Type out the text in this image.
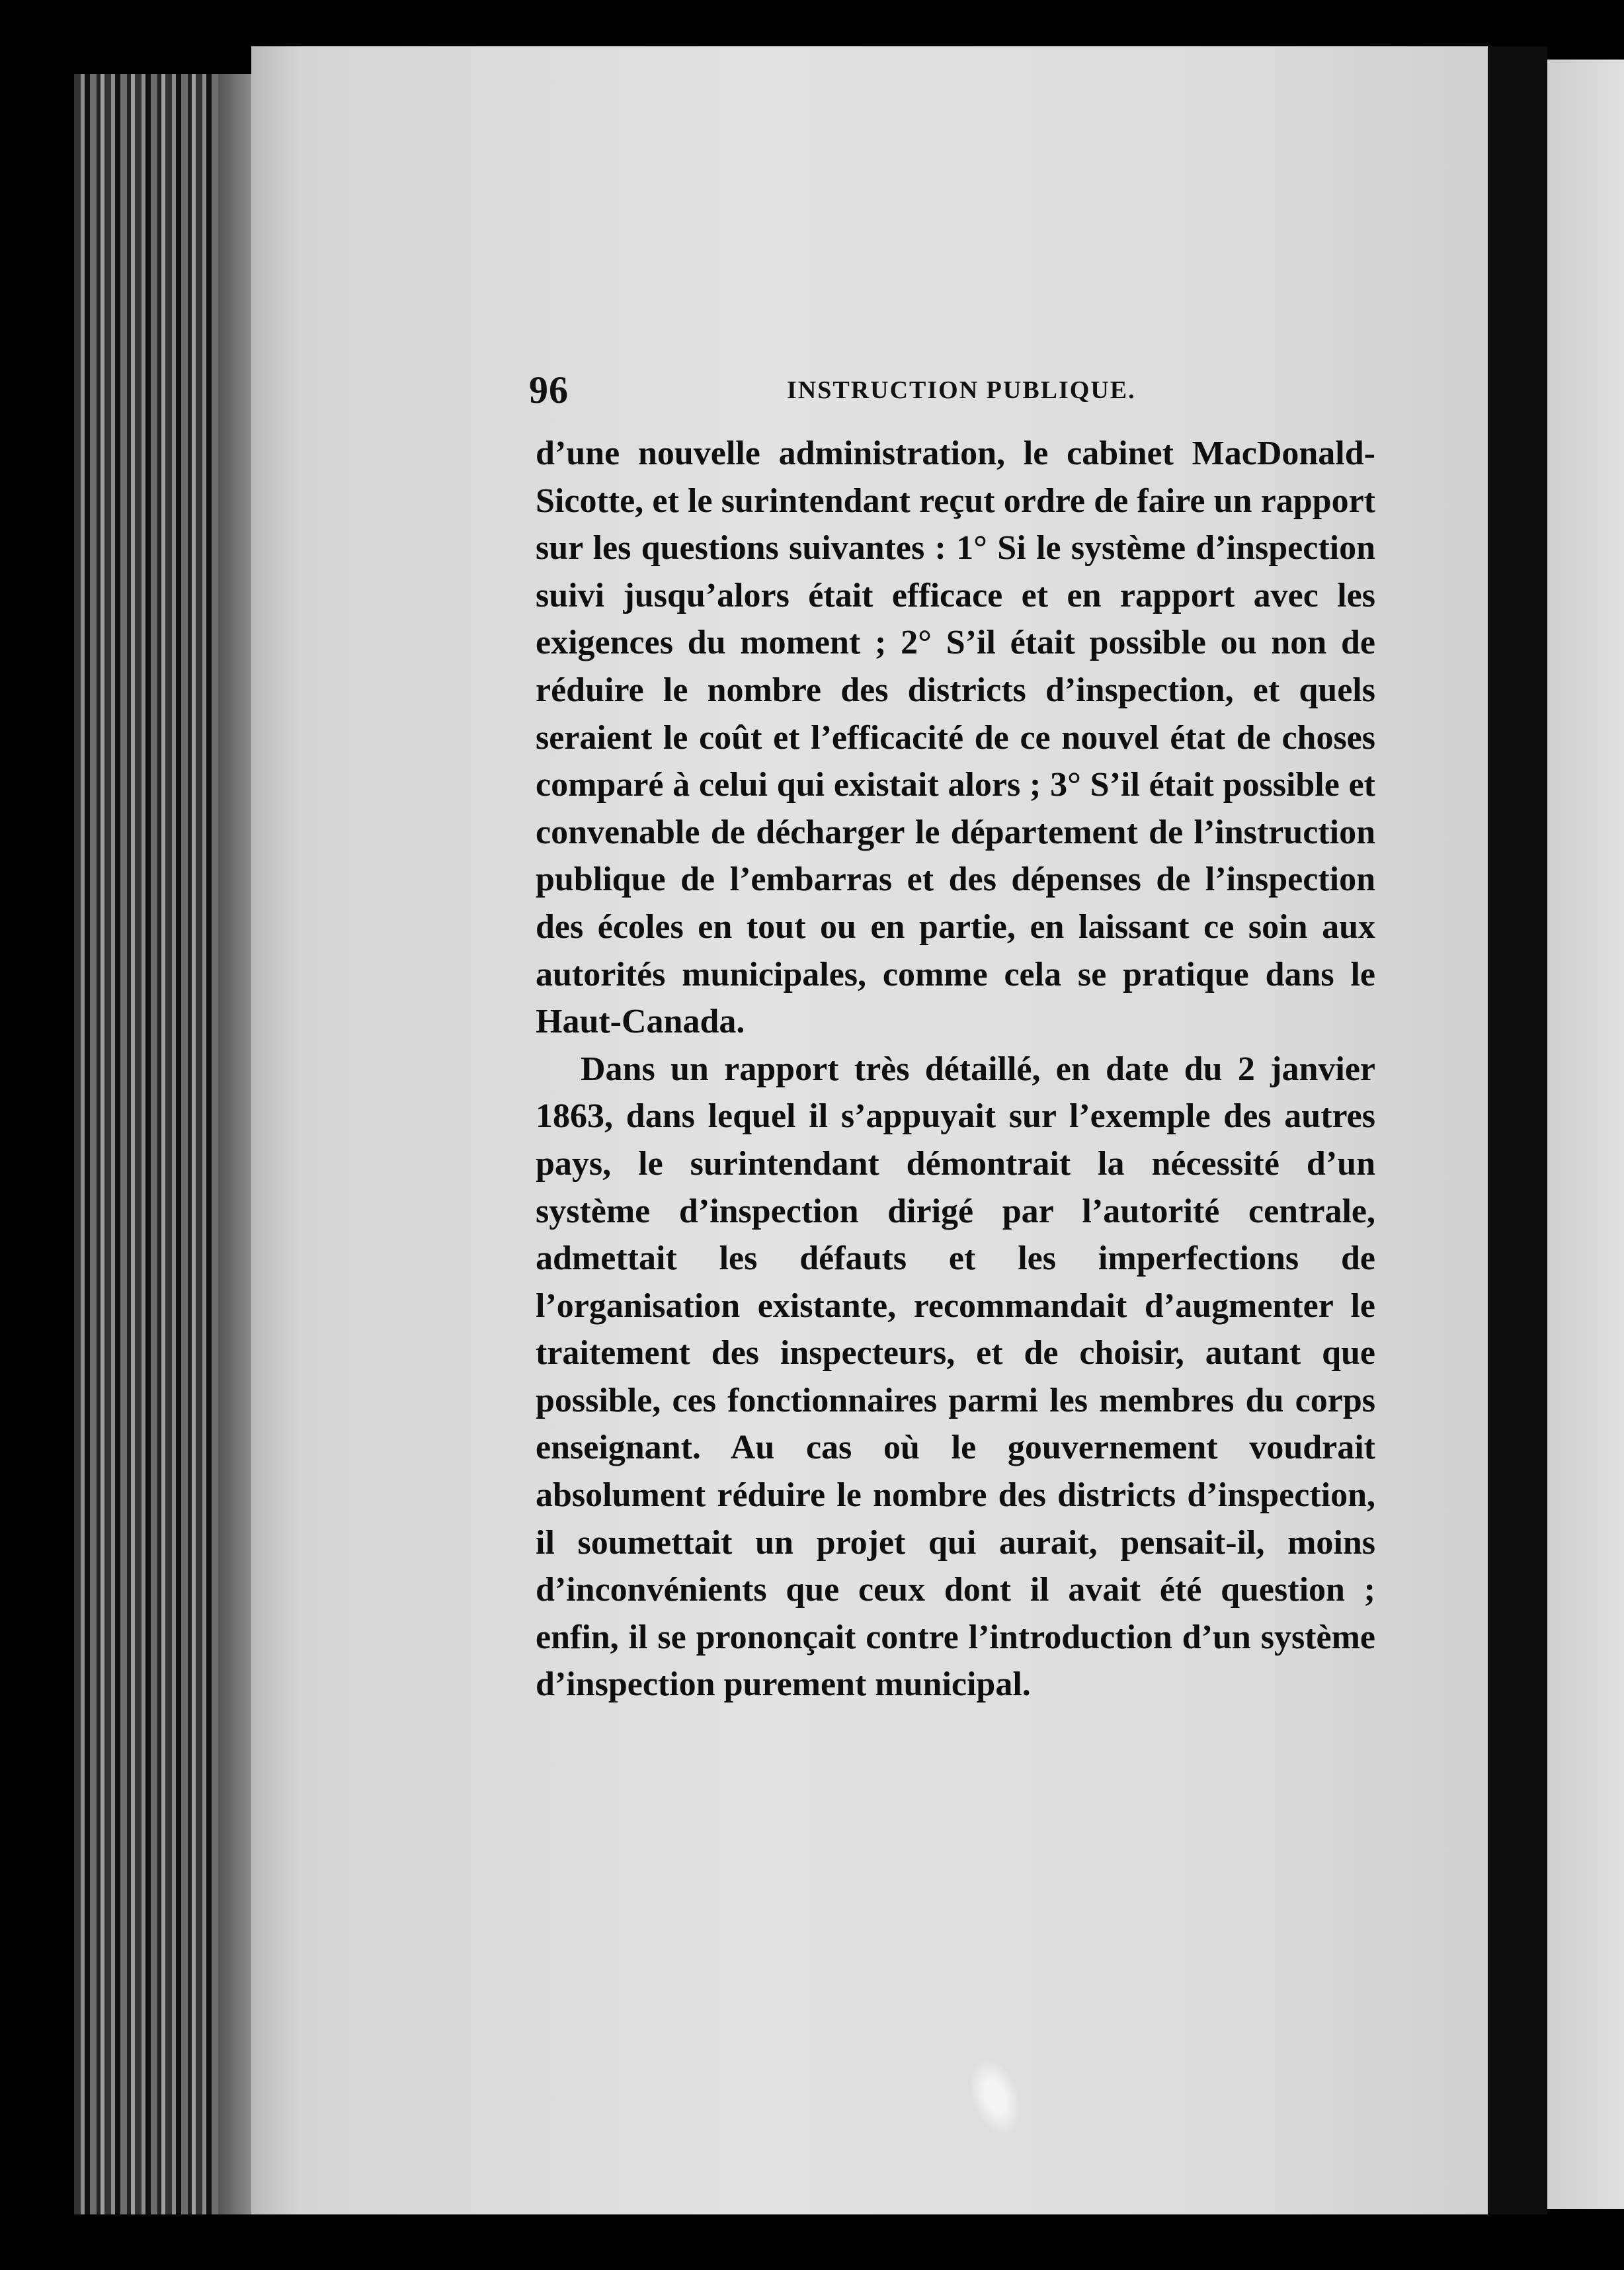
96	INSTRUCTION PUBLIQUE.

d’une nouvelle administration, le cabinet MacDonald-Sicotte, et le surintendant reçut ordre de faire un rapport sur les questions suivantes : 1° Si le système d’inspection suivi jusqu’alors était efficace et en rapport avec les exigences du moment ; 2° S’il était possible ou non de réduire le nombre des districts d’inspection, et quels seraient le coût et l’efficacité de ce nouvel état de choses comparé à celui qui existait alors ; 3° S’il était possible et convenable de décharger le département de l’instruction publique de l’embarras et des dépenses de l’inspection des écoles en tout ou en partie, en laissant ce soin aux autorités municipales, comme cela se pratique dans le Haut-Canada.

Dans un rapport très détaillé, en date du 2 janvier 1863, dans lequel il s’appuyait sur l’exemple des autres pays, le surintendant démontrait la nécessité d’un système d’inspection dirigé par l’autorité centrale, admettait les défauts et les imperfections de l’organisation existante, recommandait d’augmenter le traitement des inspecteurs, et de choisir, autant que possible, ces fonctionnaires parmi les membres du corps enseignant. Au cas où le gouvernement voudrait absolument réduire le nombre des districts d’inspection, il soumettait un projet qui aurait, pensait-il, moins d’inconvénients que ceux dont il avait été question ; enfin, il se prononçait contre l’introduction d’un système d’inspection purement municipal.
